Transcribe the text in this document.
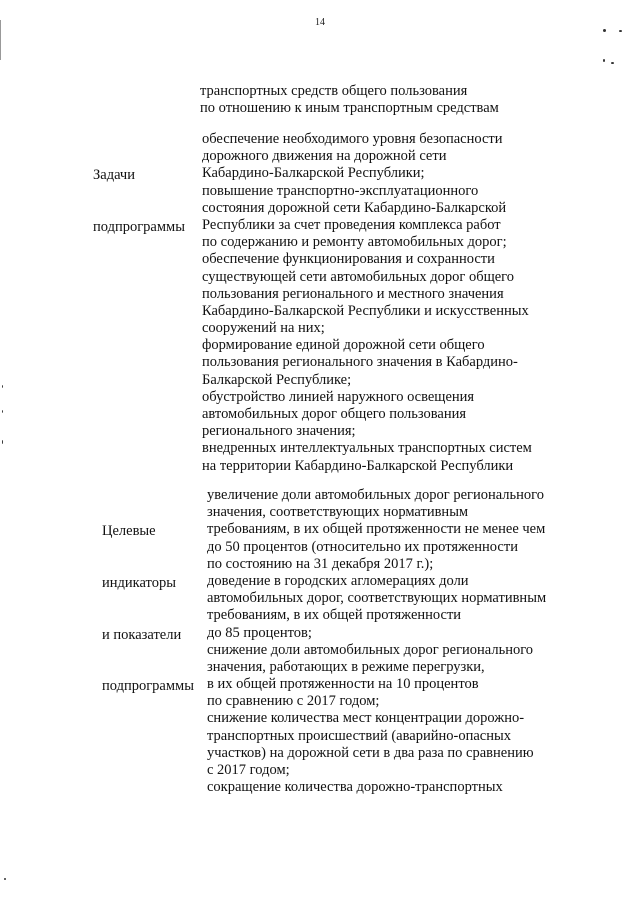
14
транспортных средств общего пользования
по отношению к иным транспортным средствам

Задачи

подпрограммы

обеспечение необходимого уровня безопасности
дорожного движения на дорожной сети
Кабардино-Балкарской Республики;
повышение транспортно-эксплуатационного
состояния дорожной сети Кабардино-Балкарской
Республики за счет проведения комплекса работ
по содержанию и ремонту автомобильных дорог;
обеспечение функционирования и сохранности
существующей сети автомобильных дорог общего
пользования регионального и местного значения
Кабардино-Балкарской Республики и искусственных
сооружений на них;
формирование единой дорожной сети общего
пользования регионального значения в Кабардино-
Балкарской Республике;
обустройство линией наружного освещения
автомобильных дорог общего пользования
регионального значения;
внедренных интеллектуальных транспортных систем
на территории Кабардино-Балкарской Республики

Целевые

индикаторы

и показатели

подпрограммы

увеличение доли автомобильных дорог регионального
значения, соответствующих нормативным
требованиям, в их общей протяженности не менее чем
до 50 процентов (относительно их протяженности
по состоянию на 31 декабря 2017 г.);
доведение в городских агломерациях доли
автомобильных дорог, соответствующих нормативным
требованиям, в их общей протяженности
до 85 процентов;
снижение доли автомобильных дорог регионального
значения, работающих в режиме перегрузки,
в их общей протяженности на 10 процентов
по сравнению с 2017 годом;
снижение количества мест концентрации дорожно-
транспортных происшествий (аварийно-опасных
участков) на дорожной сети в два раза по сравнению
с 2017 годом;
сокращение количества дорожно-транспортных
